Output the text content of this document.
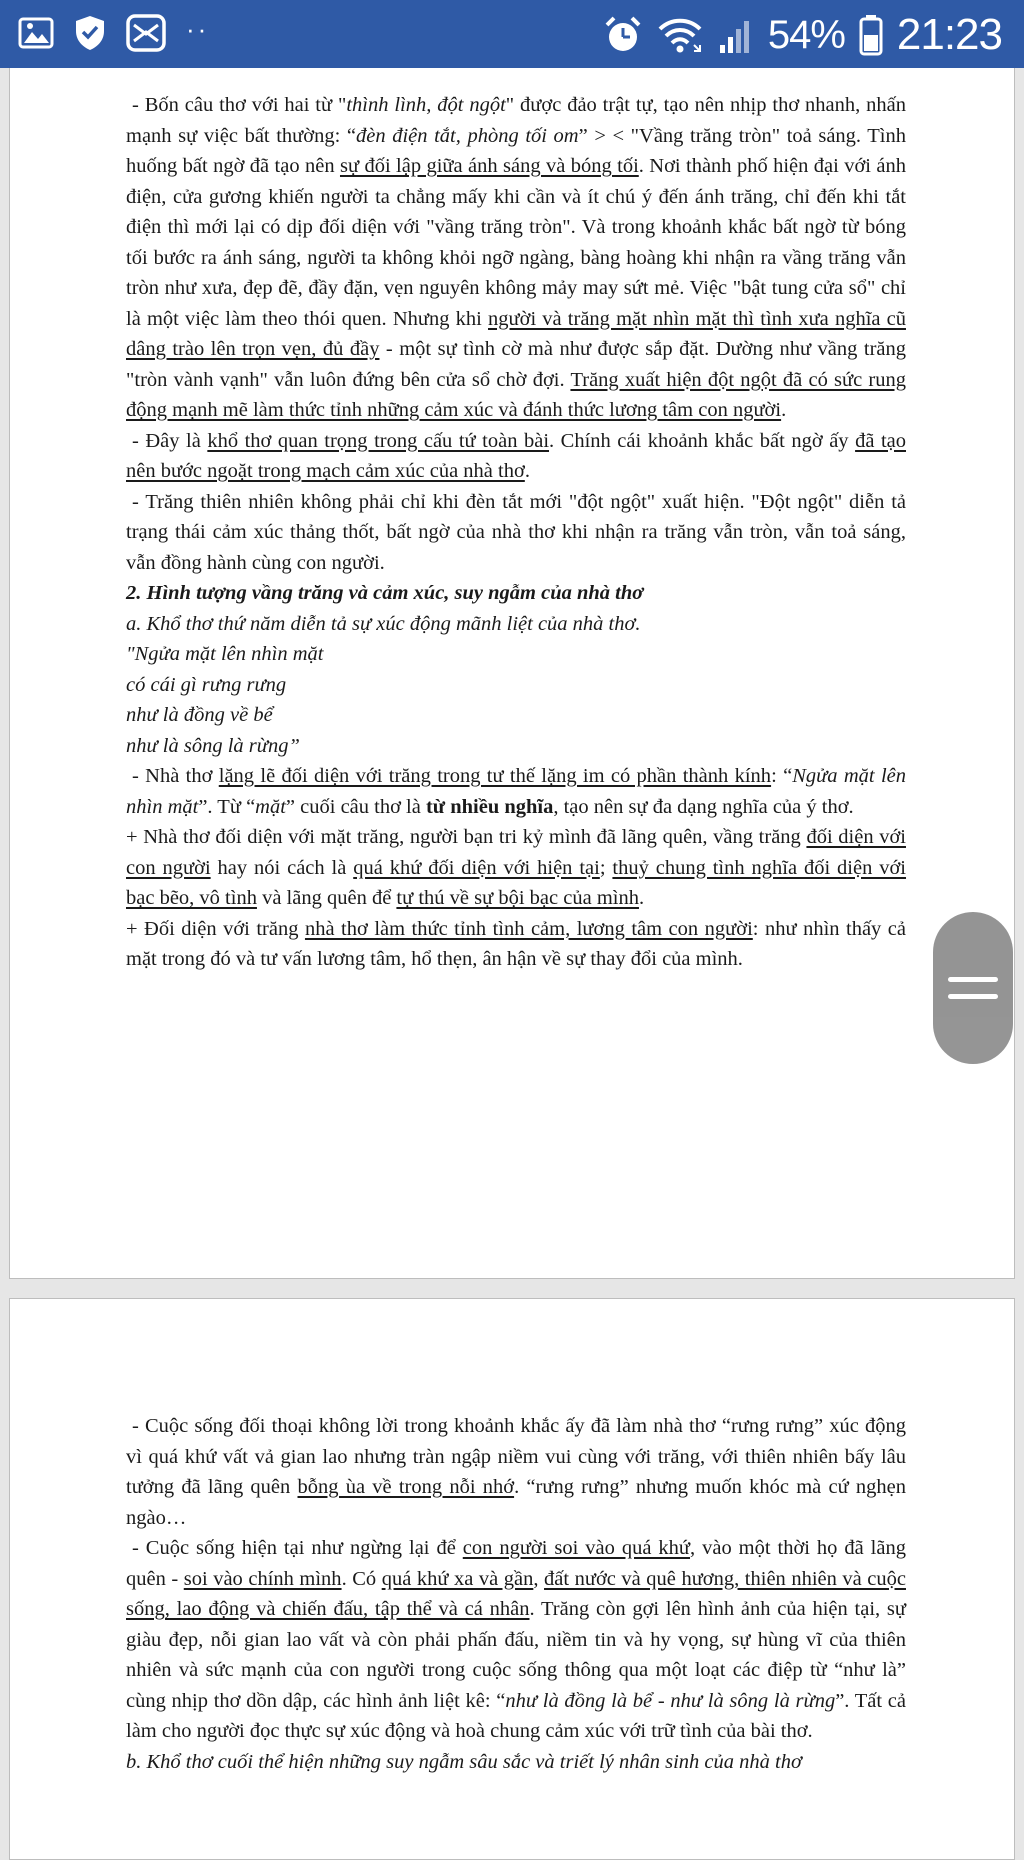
··	54% 21:23

- Bốn câu thơ với hai từ "thình lình, đột ngột" được đảo trật tự, tạo nên nhịp thơ nhanh, nhấn mạnh sự việc bất thường: “đèn điện tắt, phòng tối om” > < "Vầng trăng tròn" toả sáng. Tình huống bất ngờ đã tạo nên sự đối lập giữa ánh sáng và bóng tối. Nơi thành phố hiện đại với ánh điện, cửa gương khiến người ta chẳng mấy khi cần và ít chú ý đến ánh trăng, chỉ đến khi tắt điện thì mới lại có dịp đối diện với "vầng trăng tròn". Và trong khoảnh khắc bất ngờ từ bóng tối bước ra ánh sáng, người ta không khỏi ngỡ ngàng, bàng hoàng khi nhận ra vầng trăng vẫn tròn như xưa, đẹp đẽ, đầy đặn, vẹn nguyên không mảy may sứt mẻ. Việc "bật tung cửa sổ" chỉ là một việc làm theo thói quen. Nhưng khi người và trăng mặt nhìn mặt thì tình xưa nghĩa cũ dâng trào lên trọn vẹn, đủ đầy - một sự tình cờ mà như được sắp đặt. Dường như vầng trăng "tròn vành vạnh" vẫn luôn đứng bên cửa sổ chờ đợi. Trăng xuất hiện đột ngột đã có sức rung động mạnh mẽ làm thức tỉnh những cảm xúc và đánh thức lương tâm con người.

- Đây là khổ thơ quan trọng trong cấu tứ toàn bài. Chính cái khoảnh khắc bất ngờ ấy đã tạo nên bước ngoặt trong mạch cảm xúc của nhà thơ.

- Trăng thiên nhiên không phải chỉ khi đèn tắt mới "đột ngột" xuất hiện. "Đột ngột" diễn tả trạng thái cảm xúc thảng thốt, bất ngờ của nhà thơ khi nhận ra trăng vẫn tròn, vẫn toả sáng, vẫn đồng hành cùng con người.

2. Hình tượng vầng trăng và cảm xúc, suy ngẫm của nhà thơ

a. Khổ thơ thứ năm diễn tả sự xúc động mãnh liệt của nhà thơ.

"Ngửa mặt lên nhìn mặt

có cái gì rưng rưng

như là đồng về bể

như là sông là rừng”

- Nhà thơ lặng lẽ đối diện với trăng trong tư thế lặng im có phần thành kính: “Ngửa mặt lên nhìn mặt”. Từ “mặt” cuối câu thơ là từ nhiều nghĩa, tạo nên sự đa dạng nghĩa của ý thơ.

+ Nhà thơ đối diện với mặt trăng, người bạn tri kỷ mình đã lãng quên, vầng trăng đối diện với con người hay nói cách là quá khứ đối diện với hiện tại; thuỷ chung tình nghĩa đối diện với bạc bẽo, vô tình và lãng quên để tự thú về sự bội bạc của mình.

+ Đối diện với trăng nhà thơ làm thức tỉnh tình cảm, lương tâm con người: như nhìn thấy cả mặt trong đó và tư vấn lương tâm, hổ thẹn, ân hận về sự thay đổi của mình.

- Cuộc sống đối thoại không lời trong khoảnh khắc ấy đã làm nhà thơ “rưng rưng” xúc động vì quá khứ vất vả gian lao nhưng tràn ngập niềm vui cùng với trăng, với thiên nhiên bấy lâu tưởng đã lãng quên bỗng ùa về trong nỗi nhớ. “rưng rưng” nhưng muốn khóc mà cứ nghẹn ngào…

- Cuộc sống hiện tại như ngừng lại để con người soi vào quá khứ, vào một thời họ đã lãng quên - soi vào chính mình. Có quá khứ xa và gần, đất nước và quê hương, thiên nhiên và cuộc sống, lao động và chiến đấu, tập thể và cá nhân. Trăng còn gợi lên hình ảnh của hiện tại, sự giàu đẹp, nỗi gian lao vất và còn phải phấn đấu, niềm tin và hy vọng, sự hùng vĩ của thiên nhiên và sức mạnh của con người trong cuộc sống thông qua một loạt các điệp từ “như là” cùng nhịp thơ dồn dập, các hình ảnh liệt kê: “như là đồng là bể - như là sông là rừng”. Tất cả làm cho người đọc thực sự xúc động và hoà chung cảm xúc với trữ tình của bài thơ.

b. Khổ thơ cuối thể hiện những suy ngẫm sâu sắc và triết lý nhân sinh của nhà thơ
